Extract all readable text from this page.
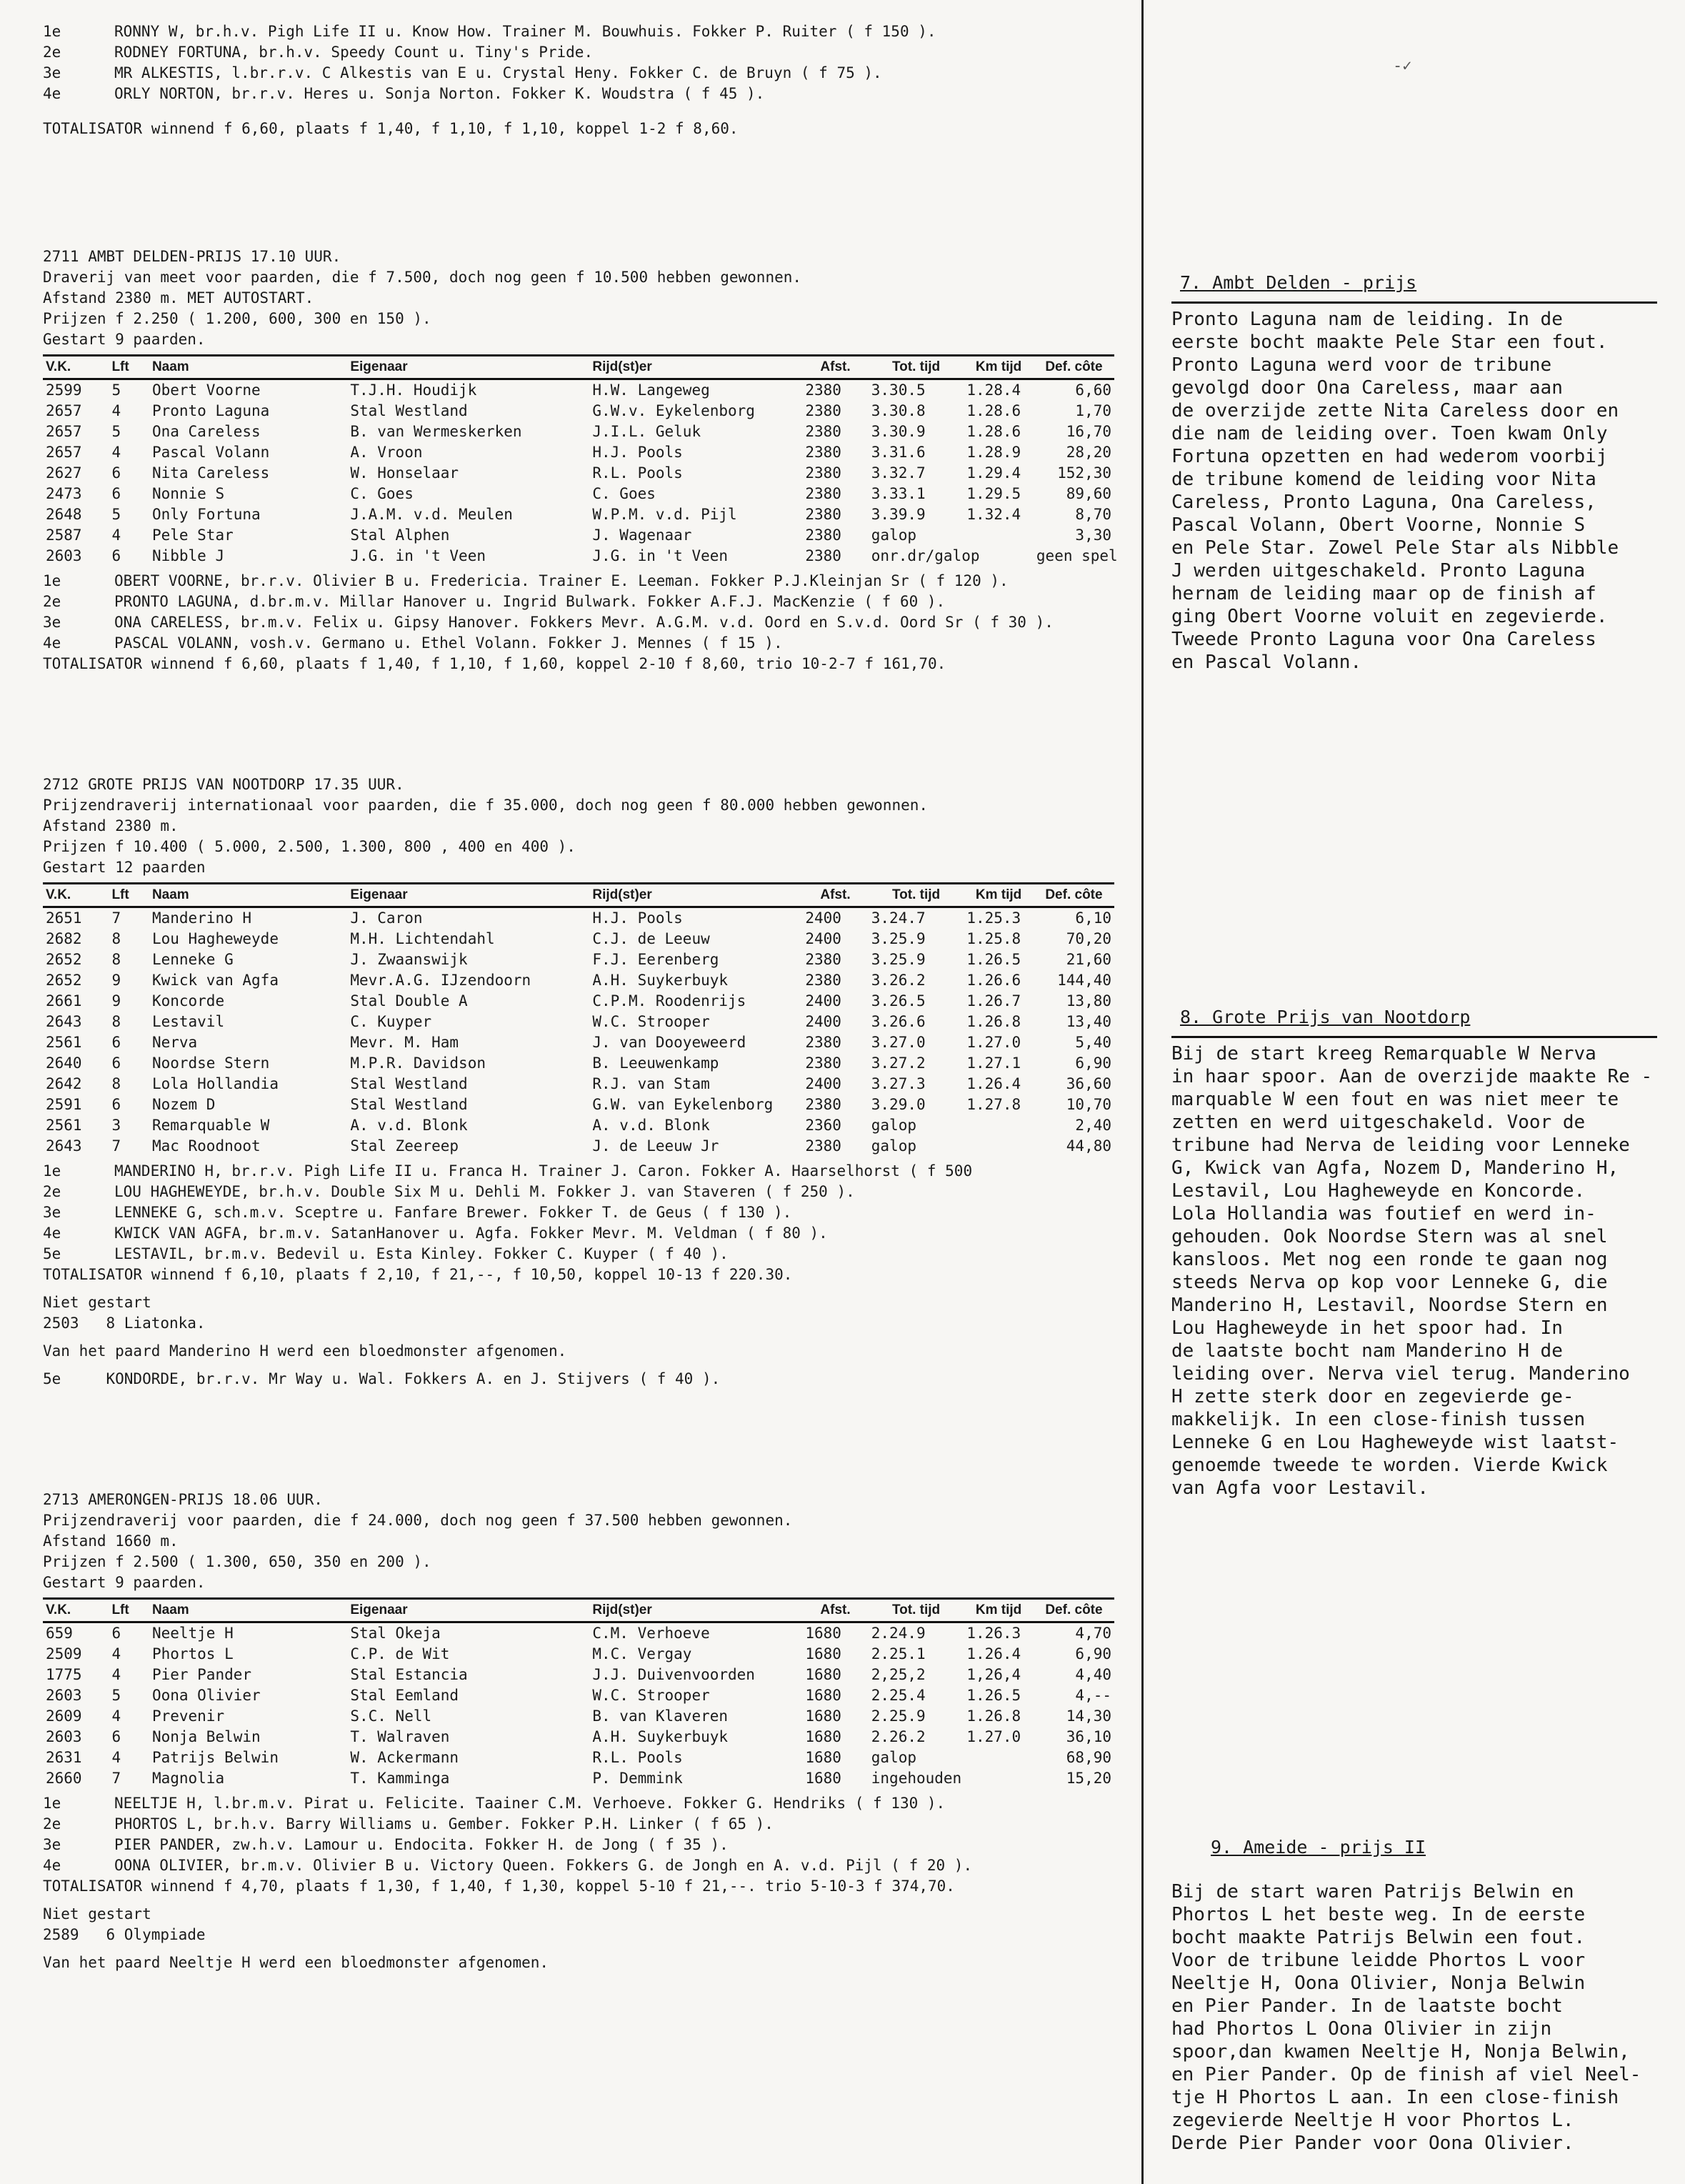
-✓
1e	RONNY W, br.h.v. Pigh Life II u. Know How. Trainer M. Bouwhuis. Fokker P. Ruiter ( f 150 ).
2e	RODNEY FORTUNA, br.h.v. Speedy Count u. Tiny's Pride.
3e	MR ALKESTIS, l.br.r.v. C Alkestis van E u. Crystal Heny. Fokker C. de Bruyn ( f 75 ).
4e	ORLY NORTON, br.r.v. Heres u. Sonja Norton. Fokker K. Woudstra ( f 45 ).
TOTALISATOR winnend f 6,60, plaats f 1,40, f 1,10, f 1,10, koppel 1-2 f 8,60.
2711 AMBT DELDEN-PRIJS 17.10 UUR.
Draverij van meet voor paarden, die f 7.500, doch nog geen f 10.500 hebben gewonnen.
Afstand 2380 m. MET AUTOSTART.
Prijzen f 2.250 ( 1.200, 600, 300 en 150 ).
Gestart 9 paarden.
V.K.	Lft	Naam	Eigenaar	Rijd(st)er	Afst.	Tot. tijd	Km tijd	Def. côte
2599	5	Obert Voorne	T.J.H. Houdijk	H.W. Langeweg	2380	3.30.5	1.28.4	6,60
2657	4	Pronto Laguna	Stal Westland	G.W.v. Eykelenborg	2380	3.30.8	1.28.6	1,70
2657	5	Ona Careless	B. van Wermeskerken	J.I.L. Geluk	2380	3.30.9	1.28.6	16,70
2657	4	Pascal Volann	A. Vroon	H.J. Pools	2380	3.31.6	1.28.9	28,20
2627	6	Nita Careless	W. Honselaar	R.L. Pools	2380	3.32.7	1.29.4	152,30
2473	6	Nonnie S	C. Goes	C. Goes	2380	3.33.1	1.29.5	89,60
2648	5	Only Fortuna	J.A.M. v.d. Meulen	W.P.M. v.d. Pijl	2380	3.39.9	1.32.4	8,70
2587	4	Pele Star	Stal Alphen	J. Wagenaar	2380	galop		3,30
2603	6	Nibble J	J.G. in 't Veen	J.G. in 't Veen	2380	onr.dr/galop		geen spel
1e	OBERT VOORNE, br.r.v. Olivier B u. Fredericia. Trainer E. Leeman. Fokker P.J.Kleinjan Sr ( f 120 ).
2e	PRONTO LAGUNA, d.br.m.v. Millar Hanover u. Ingrid Bulwark. Fokker A.F.J. MacKenzie ( f 60 ).
3e	ONA CARELESS, br.m.v. Felix u. Gipsy Hanover. Fokkers Mevr. A.G.M. v.d. Oord en S.v.d. Oord Sr ( f 30 ).
4e	PASCAL VOLANN, vosh.v. Germano u. Ethel Volann. Fokker J. Mennes ( f 15 ).
TOTALISATOR winnend f 6,60, plaats f 1,40, f 1,10, f 1,60, koppel 2-10 f 8,60, trio 10-2-7 f 161,70.
2712 GROTE PRIJS VAN NOOTDORP 17.35 UUR.
Prijzendraverij internationaal voor paarden, die f 35.000, doch nog geen f 80.000 hebben gewonnen.
Afstand 2380 m.
Prijzen f 10.400 ( 5.000, 2.500, 1.300, 800 , 400 en 400 ).
Gestart 12 paarden
V.K.	Lft	Naam	Eigenaar	Rijd(st)er	Afst.	Tot. tijd	Km tijd	Def. côte
2651	7	Manderino H	J. Caron	H.J. Pools	2400	3.24.7	1.25.3	6,10
2682	8	Lou Hagheweyde	M.H. Lichtendahl	C.J. de Leeuw	2400	3.25.9	1.25.8	70,20
2652	8	Lenneke G	J. Zwaanswijk	F.J. Eerenberg	2380	3.25.9	1.26.5	21,60
2652	9	Kwick van Agfa	Mevr.A.G. IJzendoorn	A.H. Suykerbuyk	2380	3.26.2	1.26.6	144,40
2661	9	Koncorde	Stal Double A	C.P.M. Roodenrijs	2400	3.26.5	1.26.7	13,80
2643	8	Lestavil	C. Kuyper	W.C. Strooper	2400	3.26.6	1.26.8	13,40
2561	6	Nerva	Mevr. M. Ham	J. van Dooyeweerd	2380	3.27.0	1.27.0	5,40
2640	6	Noordse Stern	M.P.R. Davidson	B. Leeuwenkamp	2380	3.27.2	1.27.1	6,90
2642	8	Lola Hollandia	Stal Westland	R.J. van Stam	2400	3.27.3	1.26.4	36,60
2591	6	Nozem D	Stal Westland	G.W. van Eykelenborg	2380	3.29.0	1.27.8	10,70
2561	3	Remarquable W	A. v.d. Blonk	A. v.d. Blonk	2360	galop		2,40
2643	7	Mac Roodnoot	Stal Zeereep	J. de Leeuw Jr	2380	galop		44,80
1e	MANDERINO H, br.r.v. Pigh Life II u. Franca H. Trainer J. Caron. Fokker A. Haarselhorst ( f 500
2e	LOU HAGHEWEYDE, br.h.v. Double Six M u. Dehli M. Fokker J. van Staveren ( f 250 ).
3e	LENNEKE G, sch.m.v. Sceptre u. Fanfare Brewer. Fokker T. de Geus ( f 130 ).
4e	KWICK VAN AGFA, br.m.v. SatanHanover u. Agfa. Fokker Mevr. M. Veldman ( f 80 ).
5e	LESTAVIL, br.m.v. Bedevil u. Esta Kinley. Fokker C. Kuyper ( f 40 ).
TOTALISATOR winnend f 6,10, plaats f 2,10, f 21,--, f 10,50, koppel 10-13 f 220.30.
Niet gestart
2503   8 Liatonka.
Van het paard Manderino H werd een bloedmonster afgenomen.
5e     KONDORDE, br.r.v. Mr Way u. Wal. Fokkers A. en J. Stijvers ( f 40 ).
2713 AMERONGEN-PRIJS 18.06 UUR.
Prijzendraverij voor paarden, die f 24.000, doch nog geen f 37.500 hebben gewonnen.
Afstand 1660 m.
Prijzen f 2.500 ( 1.300, 650, 350 en 200 ).
Gestart 9 paarden.
V.K.	Lft	Naam	Eigenaar	Rijd(st)er	Afst.	Tot. tijd	Km tijd	Def. côte
659	6	Neeltje H	Stal Okeja	C.M. Verhoeve	1680	2.24.9	1.26.3	4,70
2509	4	Phortos L	C.P. de Wit	M.C. Vergay	1680	2.25.1	1.26.4	6,90
1775	4	Pier Pander	Stal Estancia	J.J. Duivenvoorden	1680	2,25,2	1,26,4	4,40
2603	5	Oona Olivier	Stal Eemland	W.C. Strooper	1680	2.25.4	1.26.5	4,--
2609	4	Prevenir	S.C. Nell	B. van Klaveren	1680	2.25.9	1.26.8	14,30
2603	6	Nonja Belwin	T. Walraven	A.H. Suykerbuyk	1680	2.26.2	1.27.0	36,10
2631	4	Patrijs Belwin	W. Ackermann	R.L. Pools	1680	galop		68,90
2660	7	Magnolia	T. Kamminga	P. Demmink	1680	ingehouden		15,20
1e	NEELTJE H, l.br.m.v. Pirat u. Felicite. Taainer C.M. Verhoeve. Fokker G. Hendriks ( f 130 ).
2e	PHORTOS L, br.h.v. Barry Williams u. Gember. Fokker P.H. Linker ( f 65 ).
3e	PIER PANDER, zw.h.v. Lamour u. Endocita. Fokker H. de Jong ( f 35 ).
4e	OONA OLIVIER, br.m.v. Olivier B u. Victory Queen. Fokkers G. de Jongh en A. v.d. Pijl ( f 20 ).
TOTALISATOR winnend f 4,70, plaats f 1,30, f 1,40, f 1,30, koppel 5-10 f 21,--. trio 5-10-3 f 374,70.
Niet gestart
2589   6 Olympiade
Van het paard Neeltje H werd een bloedmonster afgenomen.
7. Ambt Delden - prijs

Pronto Laguna nam de leiding. In de

eerste bocht maakte Pele Star een fout.

Pronto Laguna werd voor de tribune

gevolgd door Ona Careless, maar aan

de overzijde zette Nita Careless door en

die nam de leiding over. Toen kwam Only

Fortuna opzetten en had wederom voorbij

de tribune komend de leiding voor Nita

Careless, Pronto Laguna, Ona Careless,

Pascal Volann, Obert Voorne, Nonnie S

en Pele Star. Zowel Pele Star als Nibble

J werden uitgeschakeld. Pronto Laguna

hernam de leiding maar op de finish af

ging Obert Voorne voluit en zegevierde.

Tweede Pronto Laguna voor Ona Careless

en Pascal Volann.

8. Grote Prijs van Nootdorp

Bij de start kreeg Remarquable W Nerva

in haar spoor. Aan de overzijde maakte Re -

marquable W een fout en was niet meer te

zetten en werd uitgeschakeld. Voor de

tribune had Nerva de leiding voor Lenneke

G, Kwick van Agfa, Nozem D, Manderino H,

Lestavil, Lou Hagheweyde en Koncorde.

Lola Hollandia was foutief en werd in-

gehouden. Ook Noordse Stern was al snel

kansloos. Met nog een ronde te gaan nog

steeds Nerva op kop voor Lenneke G, die

Manderino H, Lestavil, Noordse Stern en

Lou Hagheweyde in het spoor had. In

de laatste bocht nam Manderino H de

leiding over. Nerva viel terug. Manderino

H zette sterk door en zegevierde ge-

makkelijk. In een close-finish tussen

Lenneke G en Lou Hagheweyde wist laatst-

genoemde tweede te worden. Vierde Kwick

van Agfa voor Lestavil.

9. Ameide - prijs II

Bij de start waren Patrijs Belwin en

Phortos L het beste weg. In de eerste

bocht maakte Patrijs Belwin een fout.

Voor de tribune leidde Phortos L voor

Neeltje H, Oona Olivier, Nonja Belwin

en Pier Pander. In de laatste bocht

had Phortos L Oona Olivier in zijn

spoor,dan kwamen Neeltje H, Nonja Belwin,

en Pier Pander. Op de finish af viel Neel-

tje H Phortos L aan. In een close-finish

zegevierde Neeltje H voor Phortos L.

Derde Pier Pander voor Oona Olivier.
